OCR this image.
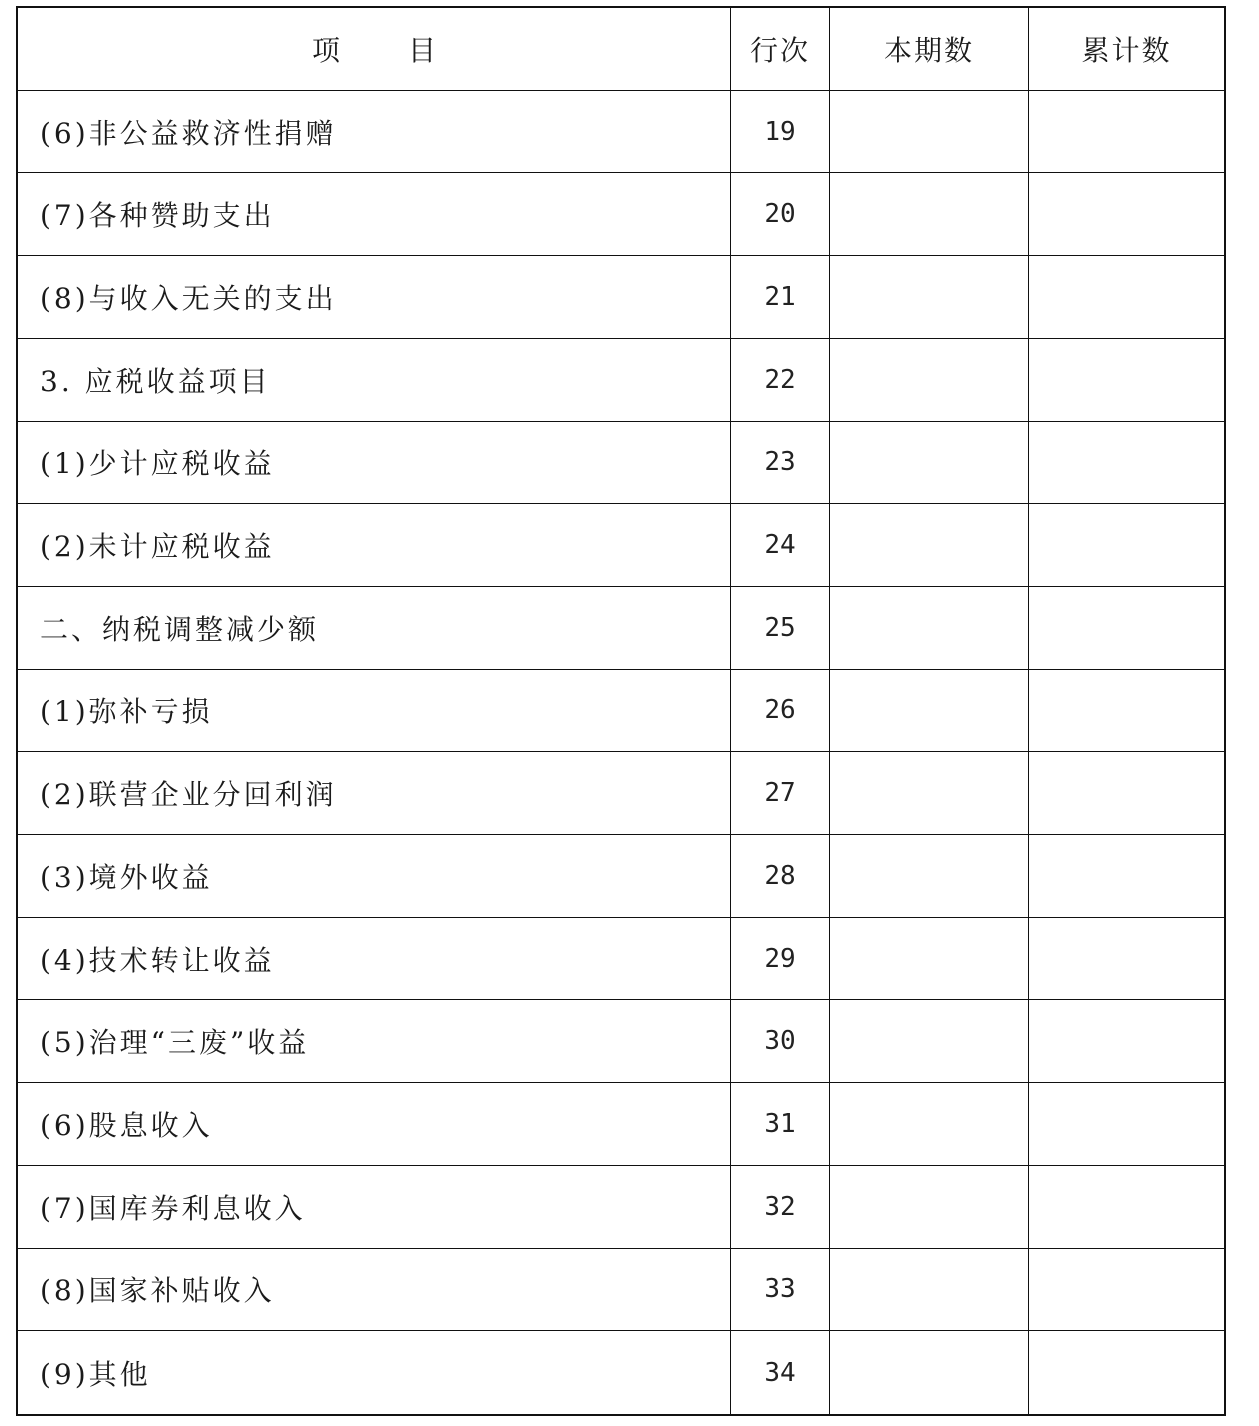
项 目	行次	本期数	累计数
(6)非公益救济性捐赠	19
(7)各种赞助支出	20
(8)与收入无关的支出	21
3. 应税收益项目	22
(1)少计应税收益	23
(2)未计应税收益	24
二、纳税调整减少额	25
(1)弥补亏损	26
(2)联营企业分回利润	27
(3)境外收益	28
(4)技术转让收益	29
(5)治理“三废”收益	30
(6)股息收入	31
(7)国库券利息收入	32
(8)国家补贴收入	33
(9)其他	34
